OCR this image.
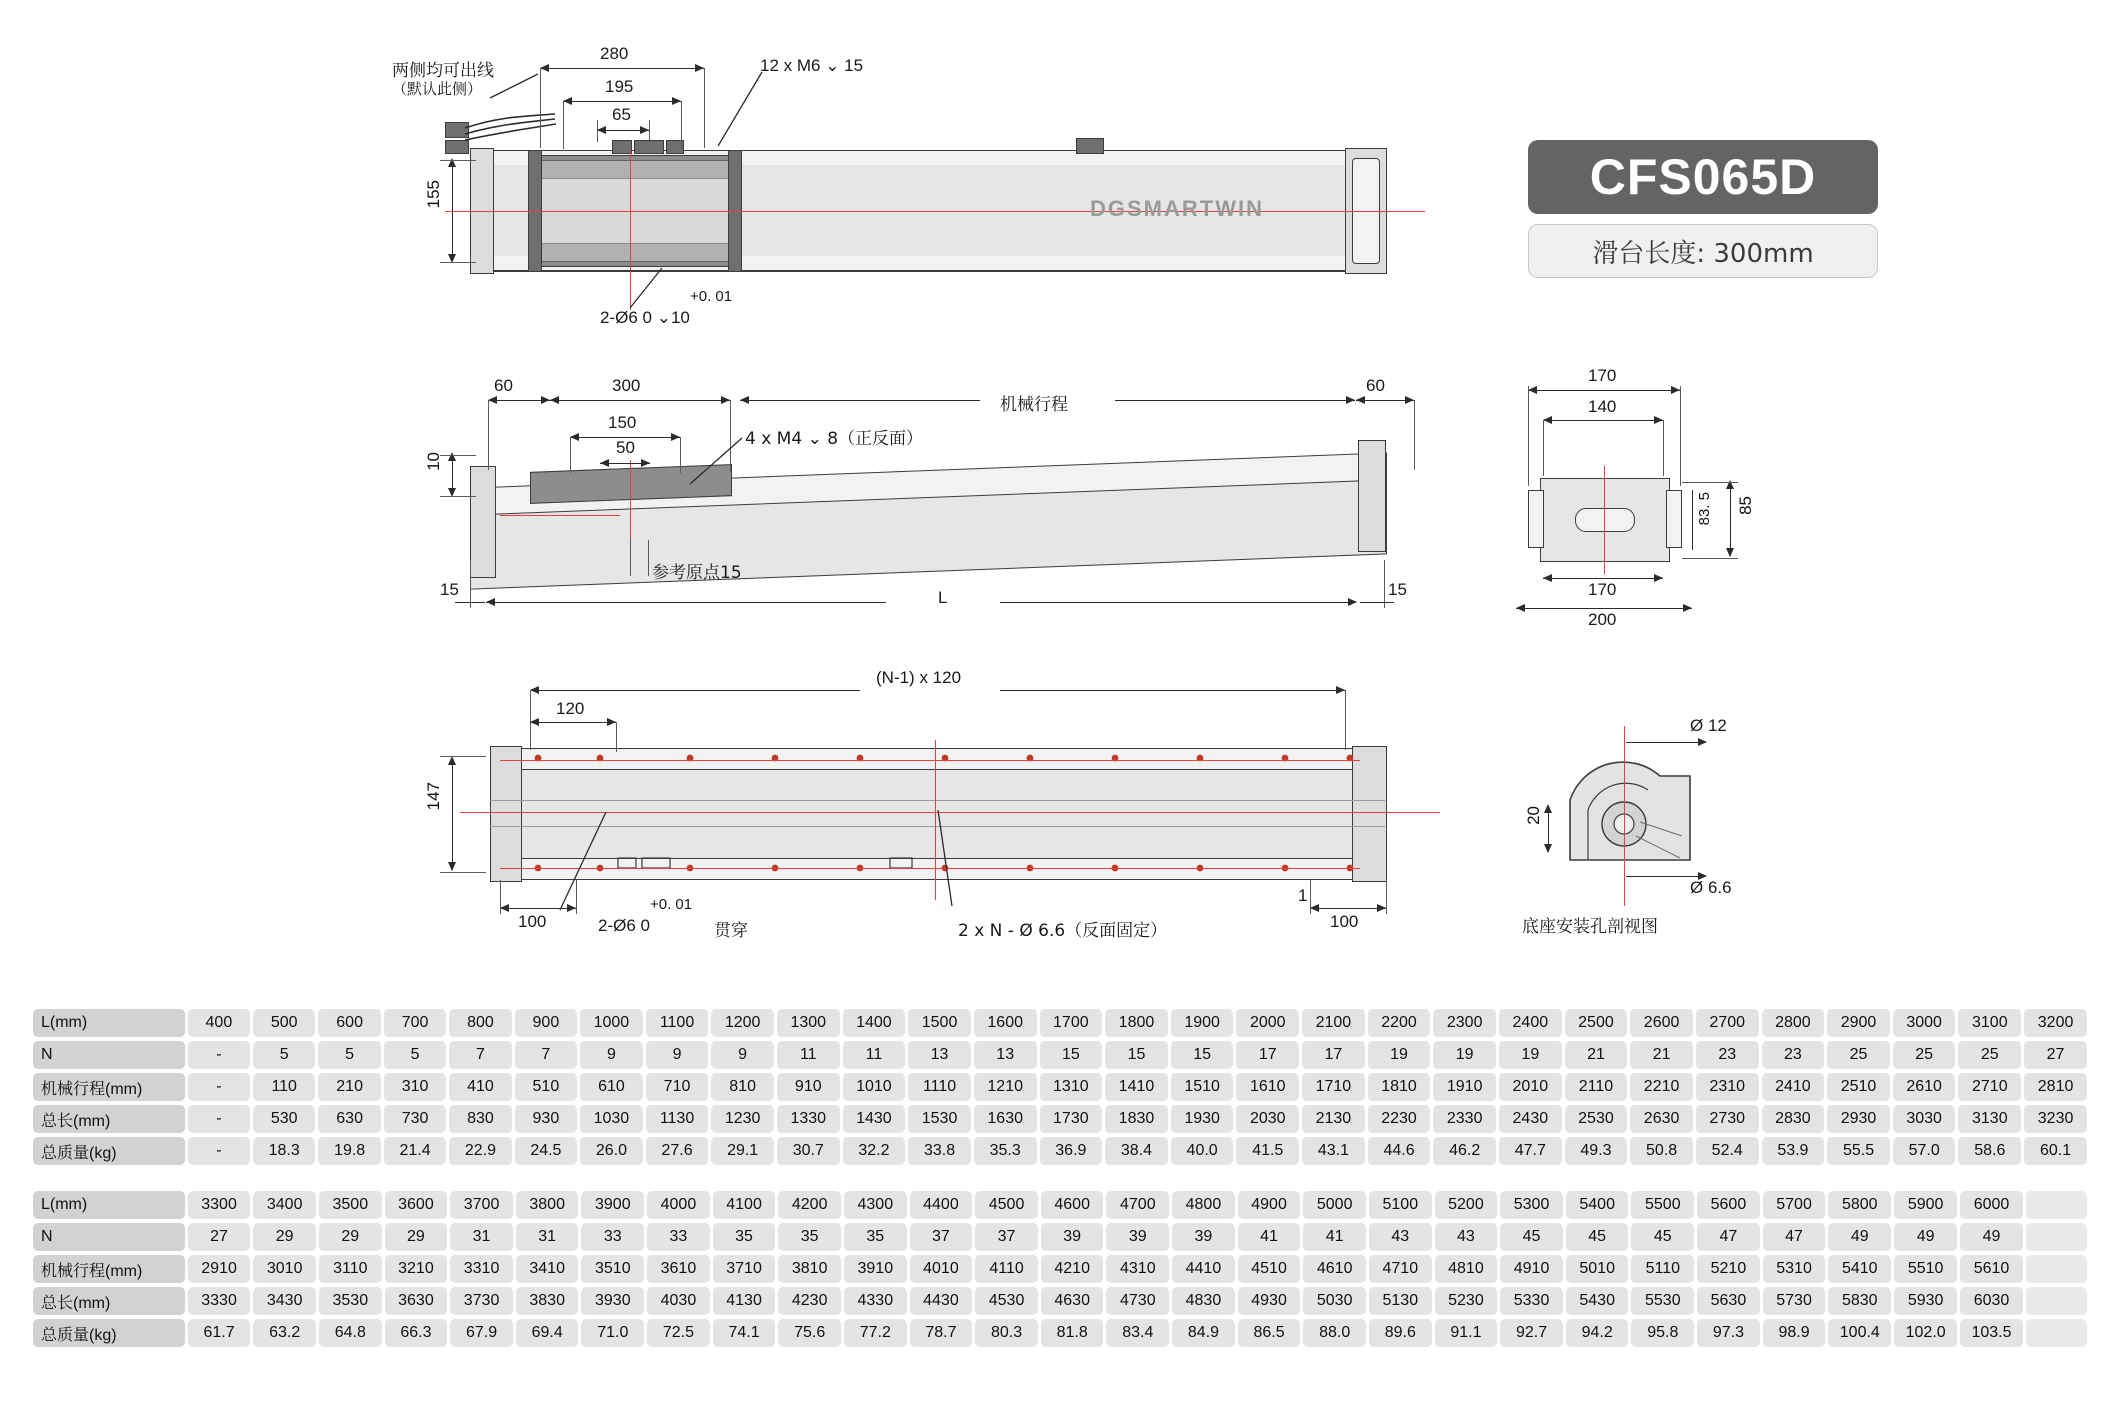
CFS065D
滑台长度: 300mm
280
195
65
155
两侧均可出线
（默认此侧）
12 x M6 ⌄ 15
+0. 01
2-Ø6 0 ⌄10
DGSMARTWIN
60	300
150
50
10
机械行程
60
4 x M4 ⌄ 8（正反面）
参考原点15
15	L	15
(N-1) x 120
120
147
100	100
1
+0. 01
2-Ø6 0	贯穿	2 x N - Ø 6.6（反面固定）
140
170
170
200
85
83. 5
Ø 12
Ø 6.6
20
底座安装孔剖视图
L(mm)	400	500	600	700	800	900	1000	1100	1200	1300	1400	1500	1600	1700	1800	1900	2000	2100	2200	2300	2400	2500	2600	2700	2800	2900	3000	3100	3200
N	-	5	5	5	7	7	9	9	9	11	11	13	13	15	15	15	17	17	19	19	19	21	21	23	23	25	25	25	27
机械行程(mm)	-	110	210	310	410	510	610	710	810	910	1010	1110	1210	1310	1410	1510	1610	1710	1810	1910	2010	2110	2210	2310	2410	2510	2610	2710	2810
总长(mm)	-	530	630	730	830	930	1030	1130	1230	1330	1430	1530	1630	1730	1830	1930	2030	2130	2230	2330	2430	2530	2630	2730	2830	2930	3030	3130	3230
总质量(kg)	-	18.3	19.8	21.4	22.9	24.5	26.0	27.6	29.1	30.7	32.2	33.8	35.3	36.9	38.4	40.0	41.5	43.1	44.6	46.2	47.7	49.3	50.8	52.4	53.9	55.5	57.0	58.6	60.1
L(mm)	3300	3400	3500	3600	3700	3800	3900	4000	4100	4200	4300	4400	4500	4600	4700	4800	4900	5000	5100	5200	5300	5400	5500	5600	5700	5800	5900	6000	
N	27	29	29	29	31	31	33	33	35	35	35	37	37	39	39	39	41	41	43	43	45	45	45	47	47	49	49	49	
机械行程(mm)	2910	3010	3110	3210	3310	3410	3510	3610	3710	3810	3910	4010	4110	4210	4310	4410	4510	4610	4710	4810	4910	5010	5110	5210	5310	5410	5510	5610	
总长(mm)	3330	3430	3530	3630	3730	3830	3930	4030	4130	4230	4330	4430	4530	4630	4730	4830	4930	5030	5130	5230	5330	5430	5530	5630	5730	5830	5930	6030	
总质量(kg)	61.7	63.2	64.8	66.3	67.9	69.4	71.0	72.5	74.1	75.6	77.2	78.7	80.3	81.8	83.4	84.9	86.5	88.0	89.6	91.1	92.7	94.2	95.8	97.3	98.9	100.4	102.0	103.5	
